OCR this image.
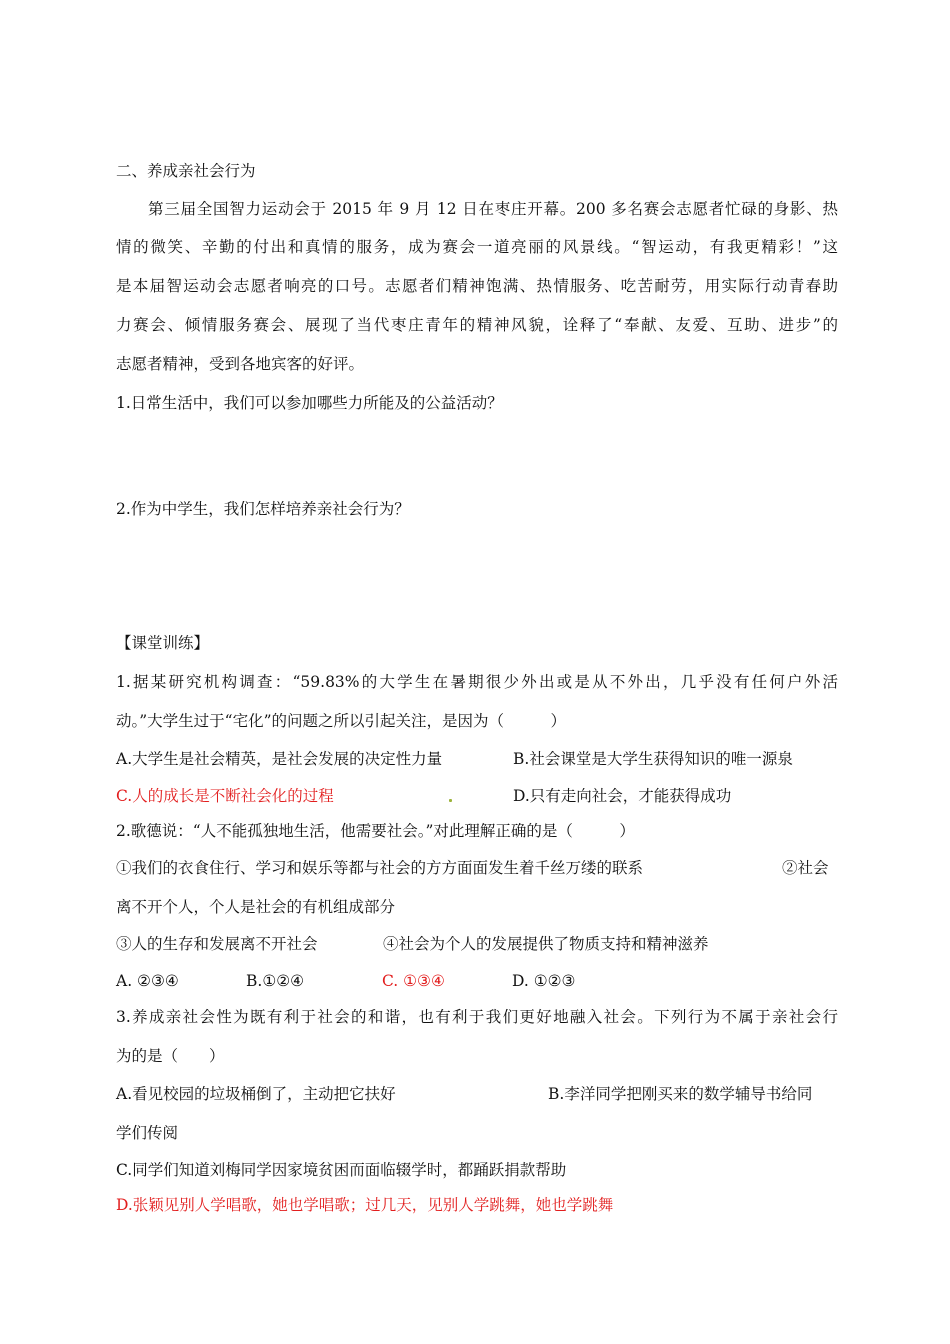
二、养成亲社会行为
第三届全国智力运动会于 2015 年 9 月 12 日在枣庄开幕。200 多名赛会志愿者忙碌的身影、热
情的微笑、辛勤的付出和真情的服务，成为赛会一道亮丽的风景线。“智运动，有我更精彩！”这
是本届智运动会志愿者响亮的口号。志愿者们精神饱满、热情服务、吃苦耐劳，用实际行动青春助
力赛会、倾情服务赛会、展现了当代枣庄青年的精神风貌，诠释了“奉献、友爱、互助、进步”的
志愿者精神，受到各地宾客的好评。
1.日常生活中，我们可以参加哪些力所能及的公益活动？
2.作为中学生，我们怎样培养亲社会行为？
【课堂训练】
1.据某研究机构调查：“59.83%的大学生在暑期很少外出或是从不外出，几乎没有任何户外活
动。”大学生过于“宅化”的问题之所以引起关注，是因为（　　　）
A.大学生是社会精英，是社会发展的决定性力量	B.社会课堂是大学生获得知识的唯一源泉
C.人的成长是不断社会化的过程	D.只有走向社会，才能获得成功
2.歌德说：“人不能孤独地生活，他需要社会。”对此理解正确的是（　　　）
①我们的衣食住行、学习和娱乐等都与社会的方方面面发生着千丝万缕的联系	②社会
离不开个人，个人是社会的有机组成部分
③人的生存和发展离不开社会	④社会为个人的发展提供了物质支持和精神滋养
A. ②③④	B.①②④	C. ①③④	D. ①②③
3.养成亲社会性为既有利于社会的和谐，也有利于我们更好地融入社会。下列行为不属于亲社会行
为的是（　　）
A.看见校园的垃圾桶倒了，主动把它扶好	B.李洋同学把刚买来的数学辅导书给同
学们传阅
C.同学们知道刘梅同学因家境贫困而面临辍学时，都踊跃捐款帮助
D.张颖见别人学唱歌，她也学唱歌；过几天，见别人学跳舞，她也学跳舞
